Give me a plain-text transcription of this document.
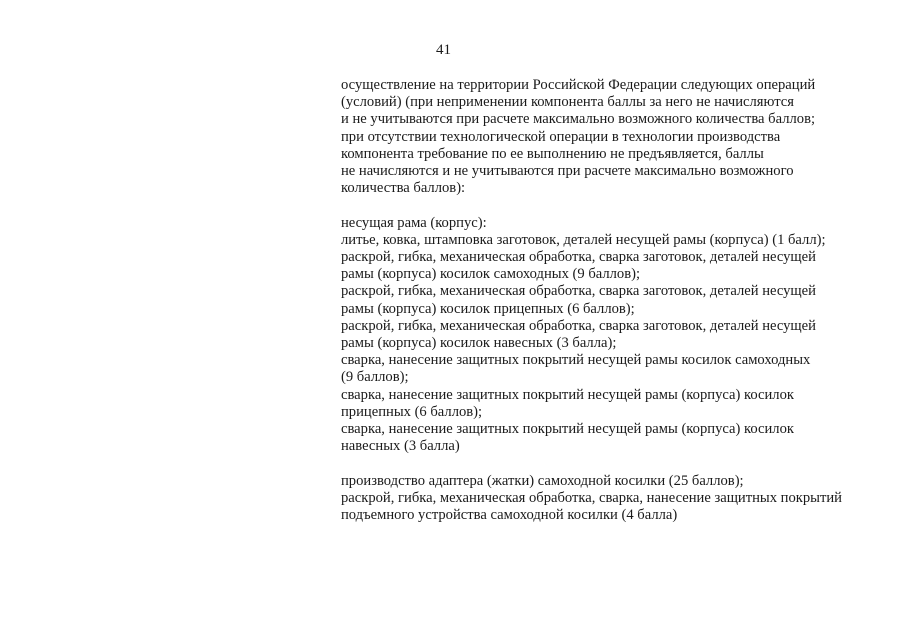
41
осуществление на территории Российской Федерации следующих операций
(условий) (при неприменении компонента баллы за него не начисляются
и не учитываются при расчете максимально возможного количества баллов;
при отсутствии технологической операции в технологии производства
компонента требование по ее выполнению не предъявляется, баллы
не начисляются и не учитываются при расчете максимально возможного
количества баллов):
несущая рама (корпус):
литье, ковка, штамповка заготовок, деталей несущей рамы (корпуса) (1 балл);
раскрой, гибка, механическая обработка, сварка заготовок, деталей несущей
рамы (корпуса) косилок самоходных (9 баллов);
раскрой, гибка, механическая обработка, сварка заготовок, деталей несущей
рамы (корпуса) косилок прицепных (6 баллов);
раскрой, гибка, механическая обработка, сварка заготовок, деталей несущей
рамы (корпуса) косилок навесных (3 балла);
сварка, нанесение защитных покрытий несущей рамы косилок самоходных
(9 баллов);
сварка, нанесение защитных покрытий несущей рамы (корпуса) косилок
прицепных (6 баллов);
сварка, нанесение защитных покрытий несущей рамы (корпуса) косилок
навесных (3 балла)
производство адаптера (жатки) самоходной косилки (25 баллов);
раскрой, гибка, механическая обработка, сварка, нанесение защитных покрытий
подъемного устройства самоходной косилки (4 балла)
